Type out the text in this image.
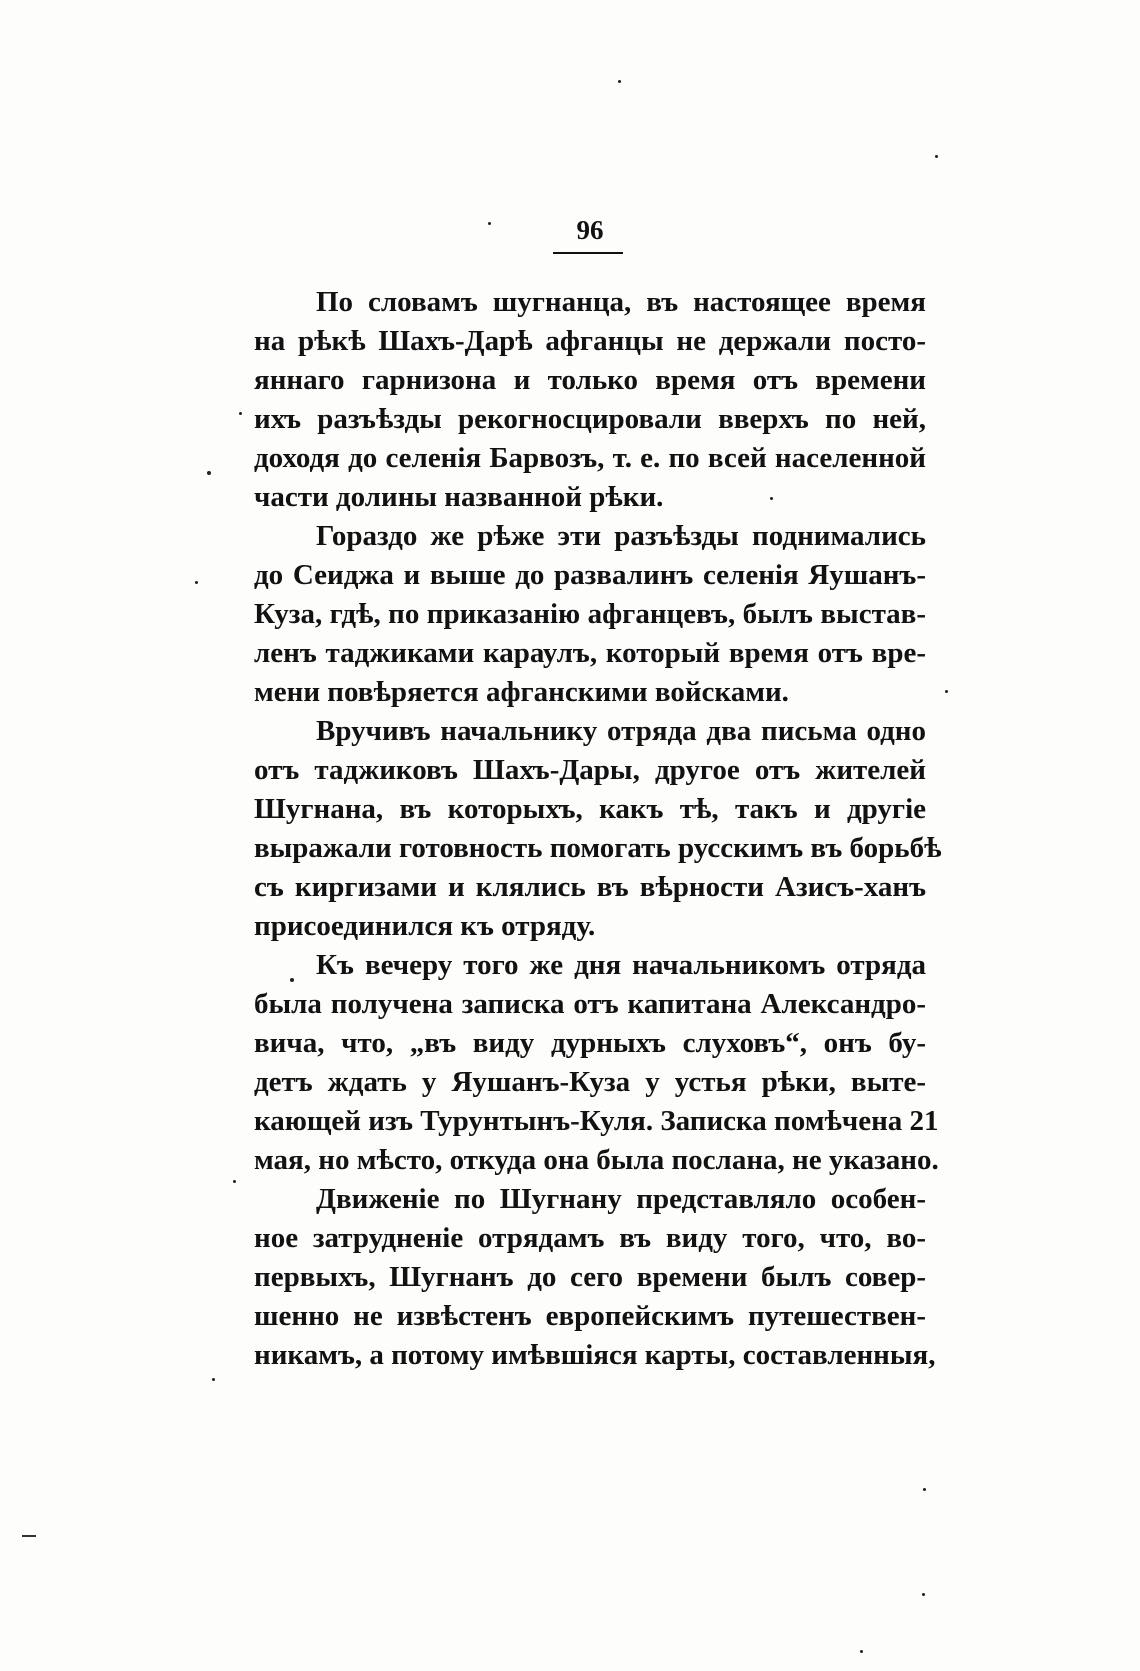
96
По словамъ шугнанца, въ настоящее время
на рѣкѣ Шахъ-Дарѣ афганцы не держали посто-
яннаго гарнизона и только время отъ времени
ихъ разъѣзды рекогносцировали вверхъ по ней,
доходя до селенія Барвозъ, т. е. по всей населенной
части долины названной рѣки.
Гораздо же рѣже эти разъѣзды поднимались
до Сеиджа и выше до развалинъ селенія Яушанъ-
Куза, гдѣ, по приказанію афганцевъ, былъ выстав-
ленъ таджиками караулъ, который время отъ вре-
мени повѣряется афганскими войсками.
Вручивъ начальнику отряда два письма одно
отъ таджиковъ Шахъ-Дары, другое отъ жителей
Шугнана, въ которыхъ, какъ тѣ, такъ и другіе
выражали готовность помогать русскимъ въ борьбѣ
съ киргизами и клялись въ вѣрности Азисъ-ханъ
присоединился къ отряду.
Къ вечеру того же дня начальникомъ отряда
была получена записка отъ капитана Александро-
вича, что, „въ виду дурныхъ слуховъ“, онъ бу-
детъ ждать у Яушанъ-Куза у устья рѣки, выте-
кающей изъ Турунтынъ-Куля. Записка помѣчена 21
мая, но мѣсто, откуда она была послана, не указано.
Движеніе по Шугнану представляло особен-
ное затрудненіе отрядамъ въ виду того, что, во-
первыхъ, Шугнанъ до сего времени былъ совер-
шенно не извѣстенъ европейскимъ путешествен-
никамъ, а потому имѣвшіяся карты, составленныя,
